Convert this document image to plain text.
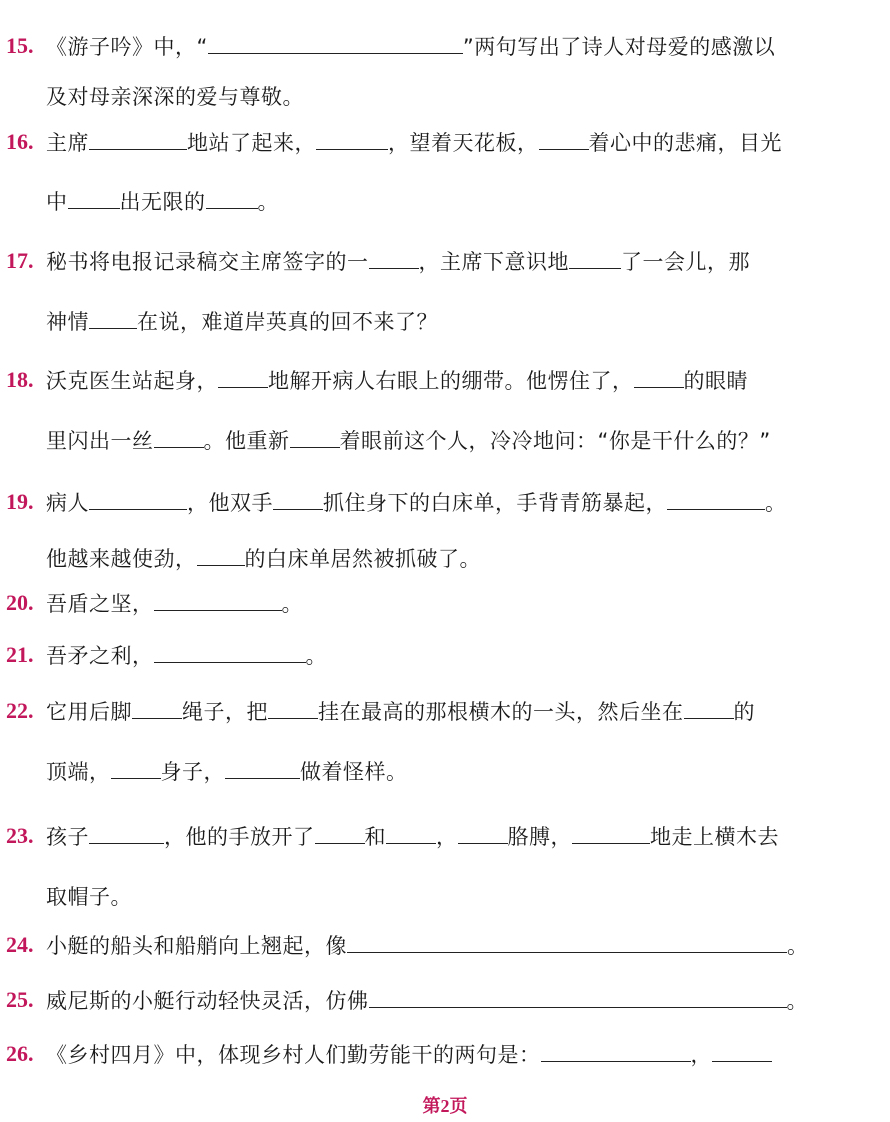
15. 《游子吟》中，“	”两句写出了诗人对母爱的感激以
及对母亲深深的爱与尊敬。
16. 主席	地站了起来，	，望着天花板， 着心中的悲痛，目光
中 出无限的 。
17. 秘书将电报记录稿交主席签字的一 ，主席下意识地 了一会儿，那
神情 在说，难道岸英真的回不来了？
18. 沃克医生站起身， 地解开病人右眼上的绷带。他愣住了， 的眼睛
里闪出一丝 。他重新 着眼前这个人，冷冷地问：“你是干什么的？”
19. 病人	，他双手 抓住身下的白床单，手背青筋暴起，	。
他越来越使劲， 的白床单居然被抓破了。
20. 吾盾之坚，	。
21. 吾矛之利，	。
22. 它用后脚 绳子，把 挂在最高的那根横木的一头，然后坐在 的
顶端， 身子，	做着怪样。
23. 孩子	，他的手放开了 和 ， 胳膊，	地走上横木去
取帽子。
24. 小艇的船头和船艄向上翘起，像	。
25. 威尼斯的小艇行动轻快灵活，仿佛	。
26. 《乡村四月》中，体现乡村人们勤劳能干的两句是：	，
第2页
